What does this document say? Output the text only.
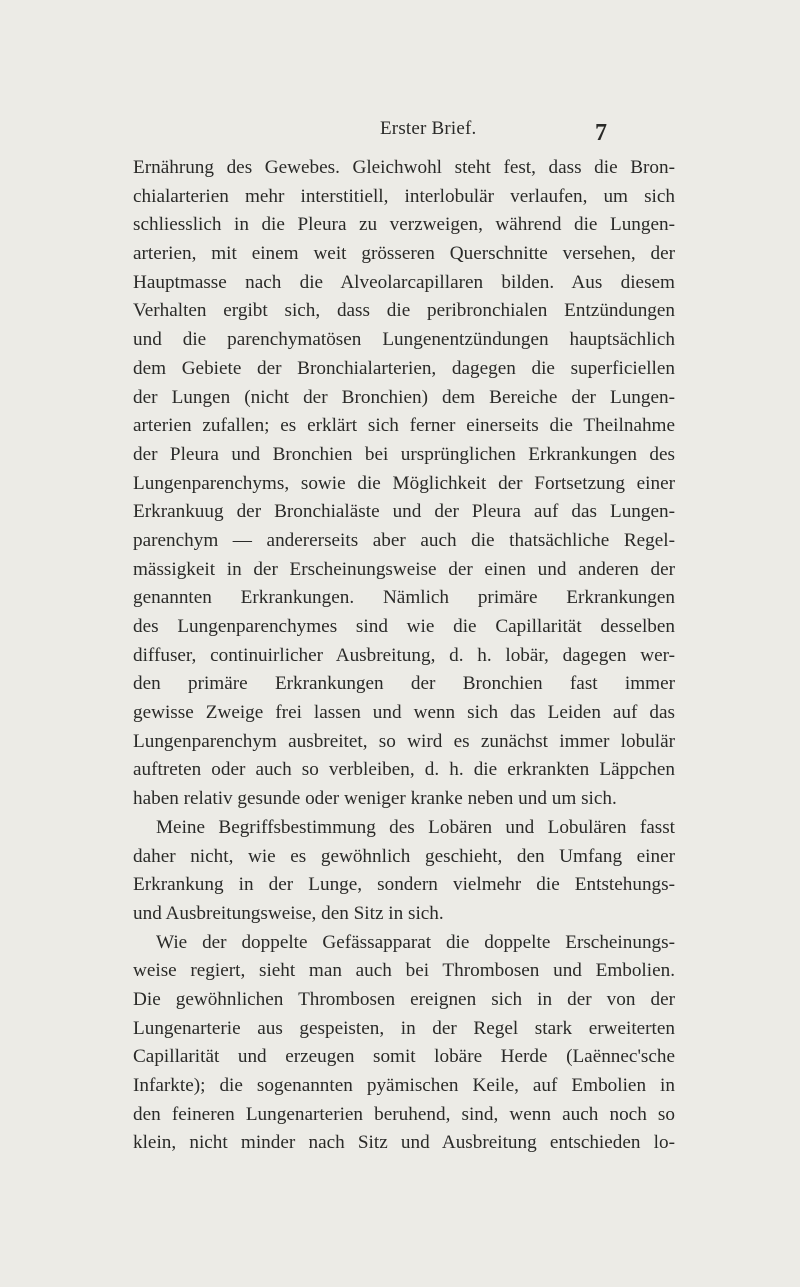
Erster Brief.	7
Ernährung des Gewebes. Gleichwohl steht fest, dass die Bron-
chialarterien mehr interstitiell, interlobulär verlaufen, um sich
schliesslich in die Pleura zu verzweigen, während die Lungen-
arterien, mit einem weit grösseren Querschnitte versehen, der
Hauptmasse nach die Alveolarcapillaren bilden. Aus diesem
Verhalten ergibt sich, dass die peribronchialen Entzündungen
und die parenchymatösen Lungenentzündungen hauptsächlich
dem Gebiete der Bronchialarterien, dagegen die superficiellen
der Lungen (nicht der Bronchien) dem Bereiche der Lungen-
arterien zufallen; es erklärt sich ferner einerseits die Theilnahme
der Pleura und Bronchien bei ursprünglichen Erkrankungen des
Lungenparenchyms, sowie die Möglichkeit der Fortsetzung einer
Erkrankuug der Bronchialäste und der Pleura auf das Lungen-
parenchym — andererseits aber auch die thatsächliche Regel-
mässigkeit in der Erscheinungsweise der einen und anderen der
genannten Erkrankungen. Nämlich primäre Erkrankungen
des Lungenparenchymes sind wie die Capillarität desselben
diffuser, continuirlicher Ausbreitung, d. h. lobär, dagegen wer-
den primäre Erkrankungen der Bronchien fast immer
gewisse Zweige frei lassen und wenn sich das Leiden auf das
Lungenparenchym ausbreitet, so wird es zunächst immer lobulär
auftreten oder auch so verbleiben, d. h. die erkrankten Läppchen
haben relativ gesunde oder weniger kranke neben und um sich.
Meine Begriffsbestimmung des Lobären und Lobulären fasst
daher nicht, wie es gewöhnlich geschieht, den Umfang einer
Erkrankung in der Lunge, sondern vielmehr die Entstehungs-
und Ausbreitungsweise, den Sitz in sich.
Wie der doppelte Gefässapparat die doppelte Erscheinungs-
weise regiert, sieht man auch bei Thrombosen und Embolien.
Die gewöhnlichen Thrombosen ereignen sich in der von der
Lungenarterie aus gespeisten, in der Regel stark erweiterten
Capillarität und erzeugen somit lobäre Herde (Laënnec'sche
Infarkte); die sogenannten pyämischen Keile, auf Embolien in
den feineren Lungenarterien beruhend, sind, wenn auch noch so
klein, nicht minder nach Sitz und Ausbreitung entschieden lo-
